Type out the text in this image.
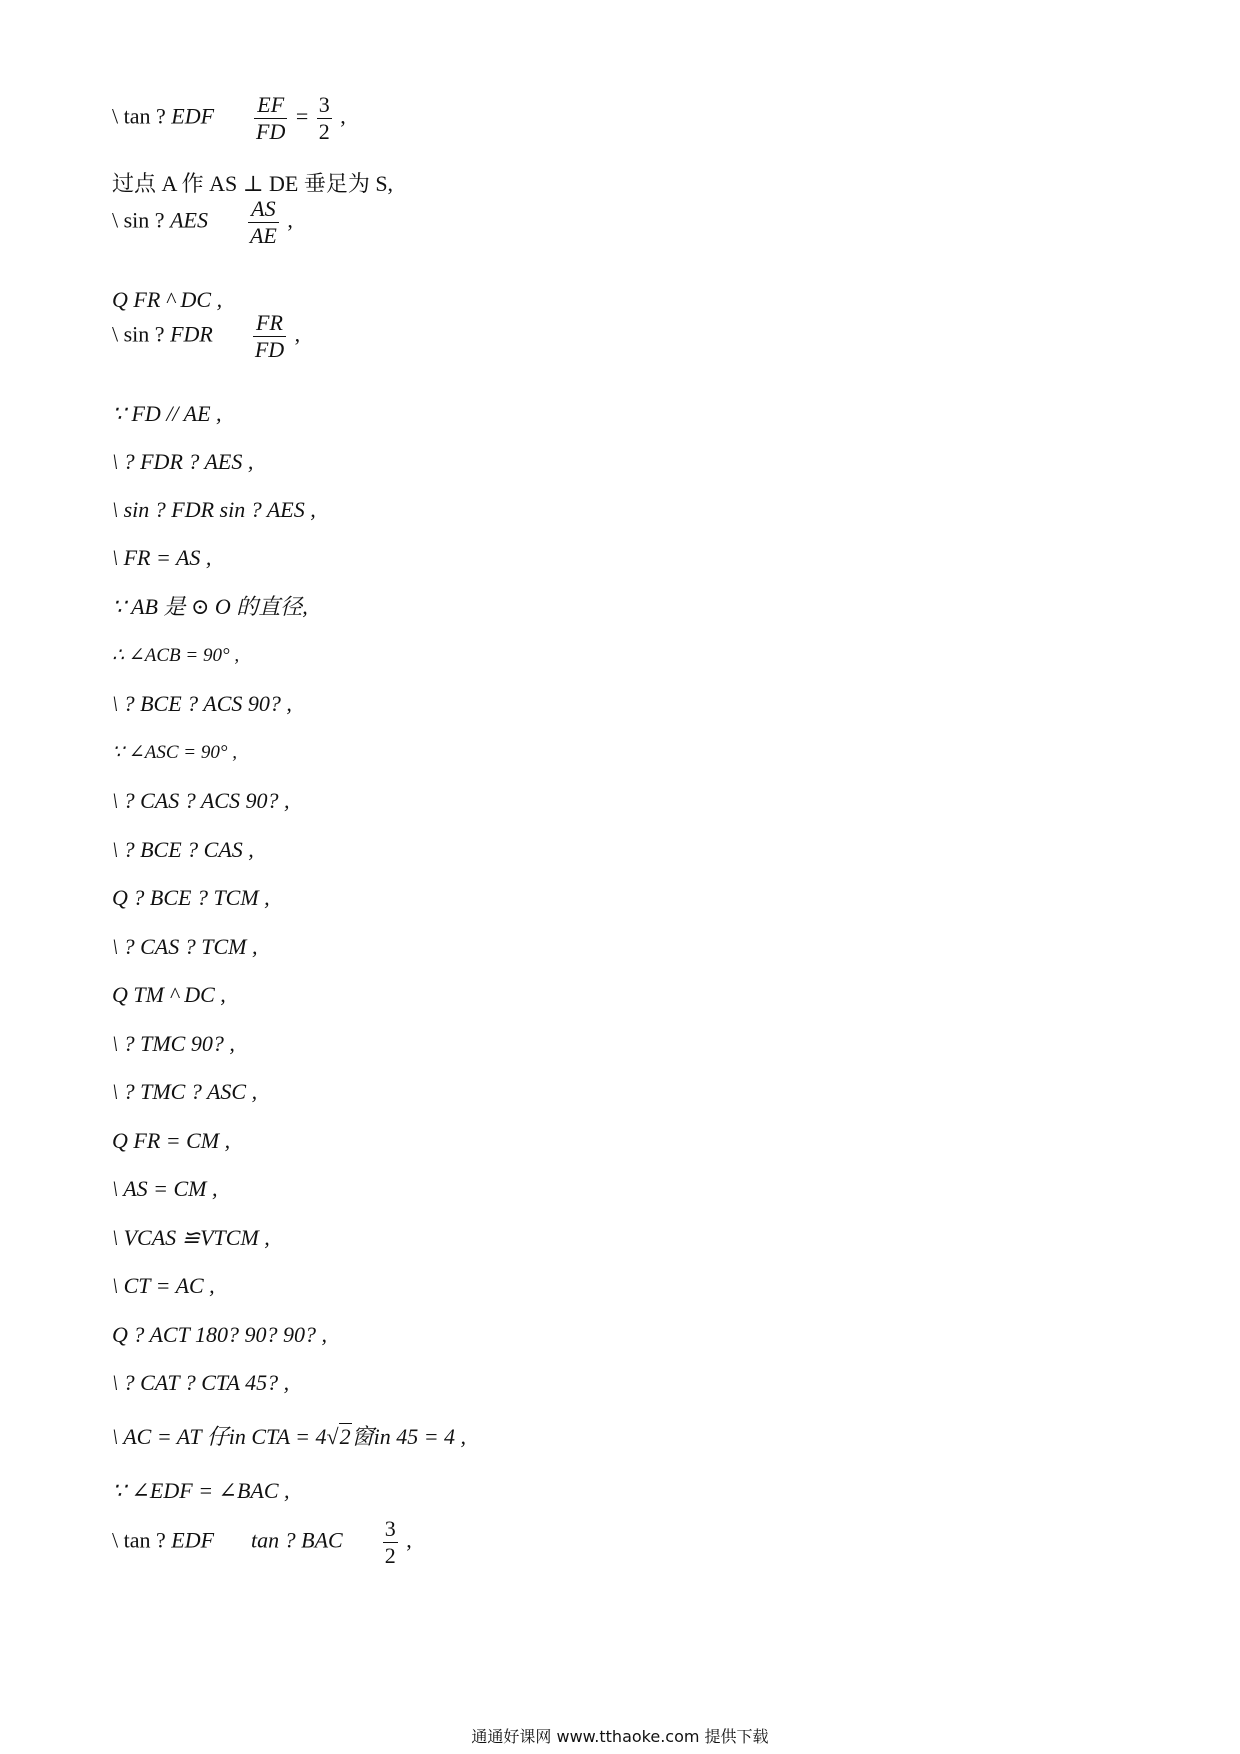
\ tan ? EDF $\frac{EF}{FD} = \frac{3}{2}$ ,
过点 A 作 AS ⊥ DE 垂足为 S,
\ sin ? AES $\frac{AS}{AE}$ ,
Q FR ^ DC ,
\ sin ? FDR $\frac{FR}{FD}$ ,
∵ FD // AE ,
\ ? FDR ? AES ,
\ sin ? FDR sin ? AES ,
\ FR = AS ,
∵ AB 是 ⊙ O 的直径,
∴ ∠ACB = 90° ,
\ ? BCE ? ACS 90? ,
∵ ∠ASC = 90° ,
\ ? CAS ? ACS 90? ,
\ ? BCE ? CAS ,
Q ? BCE ? TCM ,
\ ? CAS ? TCM ,
Q TM ^ DC ,
\ ? TMC 90? ,
\ ? TMC ? ASC ,
Q FR = CM ,
\ AS = CM ,
\ VCAS ≌VTCM ,
\ CT = AC ,
Q ? ACT 180? 90? 90? ,
\ ? CAT ? CTA 45? ,
\ AC = AT 仔in CTA = 4√2窗in 45 = 4 ,
∵ ∠EDF = ∠BAC ,
\ tan ? EDF tan ? BAC $\frac{3}{2}$ ,
通通好课网 www.tthaoke.com 提供下载
